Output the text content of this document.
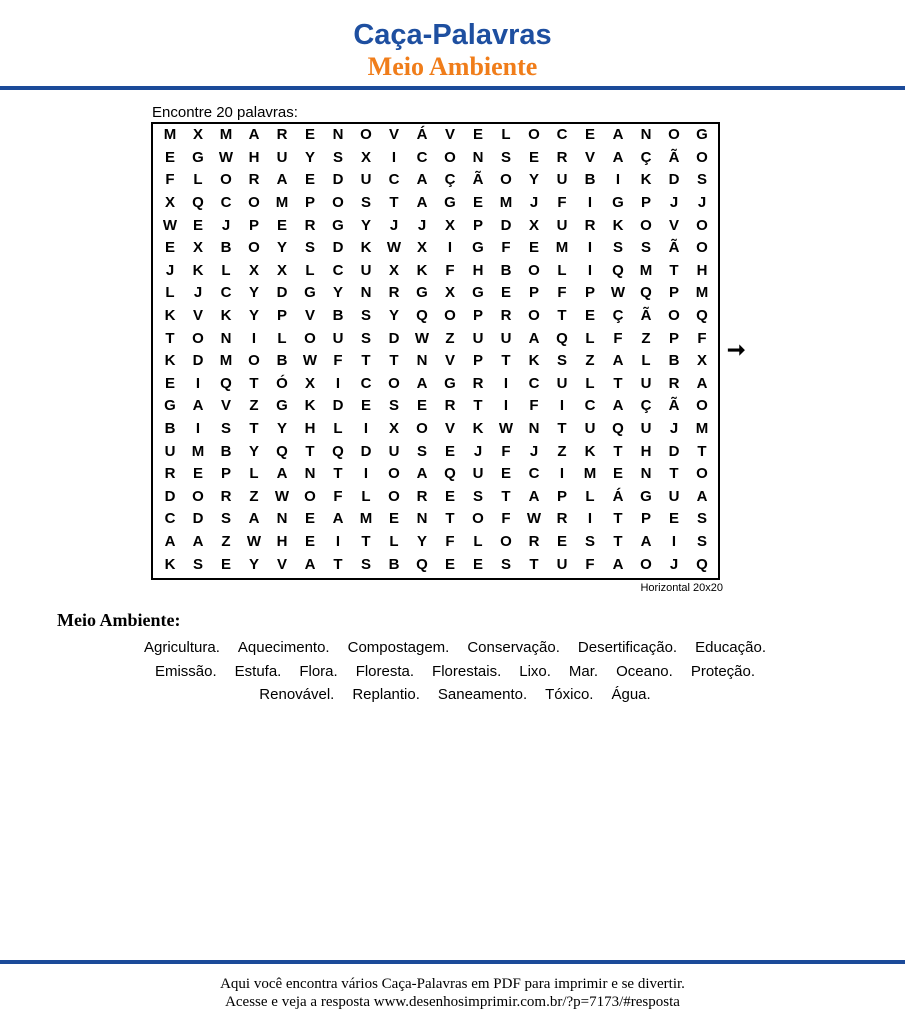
Caça-Palavras
Meio Ambiente
Encontre 20 palavras:
M	X	M	A	R	E	N	O	V	Á	V	E	L	O	C	E	A	N	O	G
E	G	W	H	U	Y	S	X	I	C	O	N	S	E	R	V	A	Ç	Ã	O
F	L	O	R	A	E	D	U	C	A	Ç	Ã	O	Y	U	B	I	K	D	S
X	Q	C	O	M	P	O	S	T	A	G	E	M	J	F	I	G	P	J	J
W	E	J	P	E	R	G	Y	J	J	X	P	D	X	U	R	K	O	V	O
E	X	B	O	Y	S	D	K	W	X	I	G	F	E	M	I	S	S	Ã	O
J	K	L	X	X	L	C	U	X	K	F	H	B	O	L	I	Q	M	T	H
L	J	C	Y	D	G	Y	N	R	G	X	G	E	P	F	P	W	Q	P	M
K	V	K	Y	P	V	B	S	Y	Q	O	P	R	O	T	E	Ç	Ã	O	Q
T	O	N	I	L	O	U	S	D	W	Z	U	U	A	Q	L	F	Z	P	F
K	D	M	O	B	W	F	T	T	N	V	P	T	K	S	Z	A	L	B	X
E	I	Q	T	Ó	X	I	C	O	A	G	R	I	C	U	L	T	U	R	A
G	A	V	Z	G	K	D	E	S	E	R	T	I	F	I	C	A	Ç	Ã	O
B	I	S	T	Y	H	L	I	X	O	V	K	W	N	T	U	Q	U	J	M
U	M	B	Y	Q	T	Q	D	U	S	E	J	F	J	Z	K	T	H	D	T
R	E	P	L	A	N	T	I	O	A	Q	U	E	C	I	M	E	N	T	O
D	O	R	Z	W	O	F	L	O	R	E	S	T	A	P	L	Á	G	U	A
C	D	S	A	N	E	A	M	E	N	T	O	F	W	R	I	T	P	E	S
A	A	Z	W	H	E	I	T	L	Y	F	L	O	R	E	S	T	A	I	S
K	S	E	Y	V	A	T	S	B	Q	E	E	S	T	U	F	A	O	J	Q
➞
Horizontal 20x20
Meio Ambiente:
Agricultura. Aquecimento. Compostagem. Conservação. Desertificação. Educação.
Emissão. Estufa. Flora. Floresta. Florestais. Lixo. Mar. Oceano. Proteção.
Renovável. Replantio. Saneamento. Tóxico. Água.
Aqui você encontra vários Caça-Palavras em PDF para imprimir e se divertir.
Acesse e veja a resposta www.desenhosimprimir.com.br/?p=7173/#resposta
